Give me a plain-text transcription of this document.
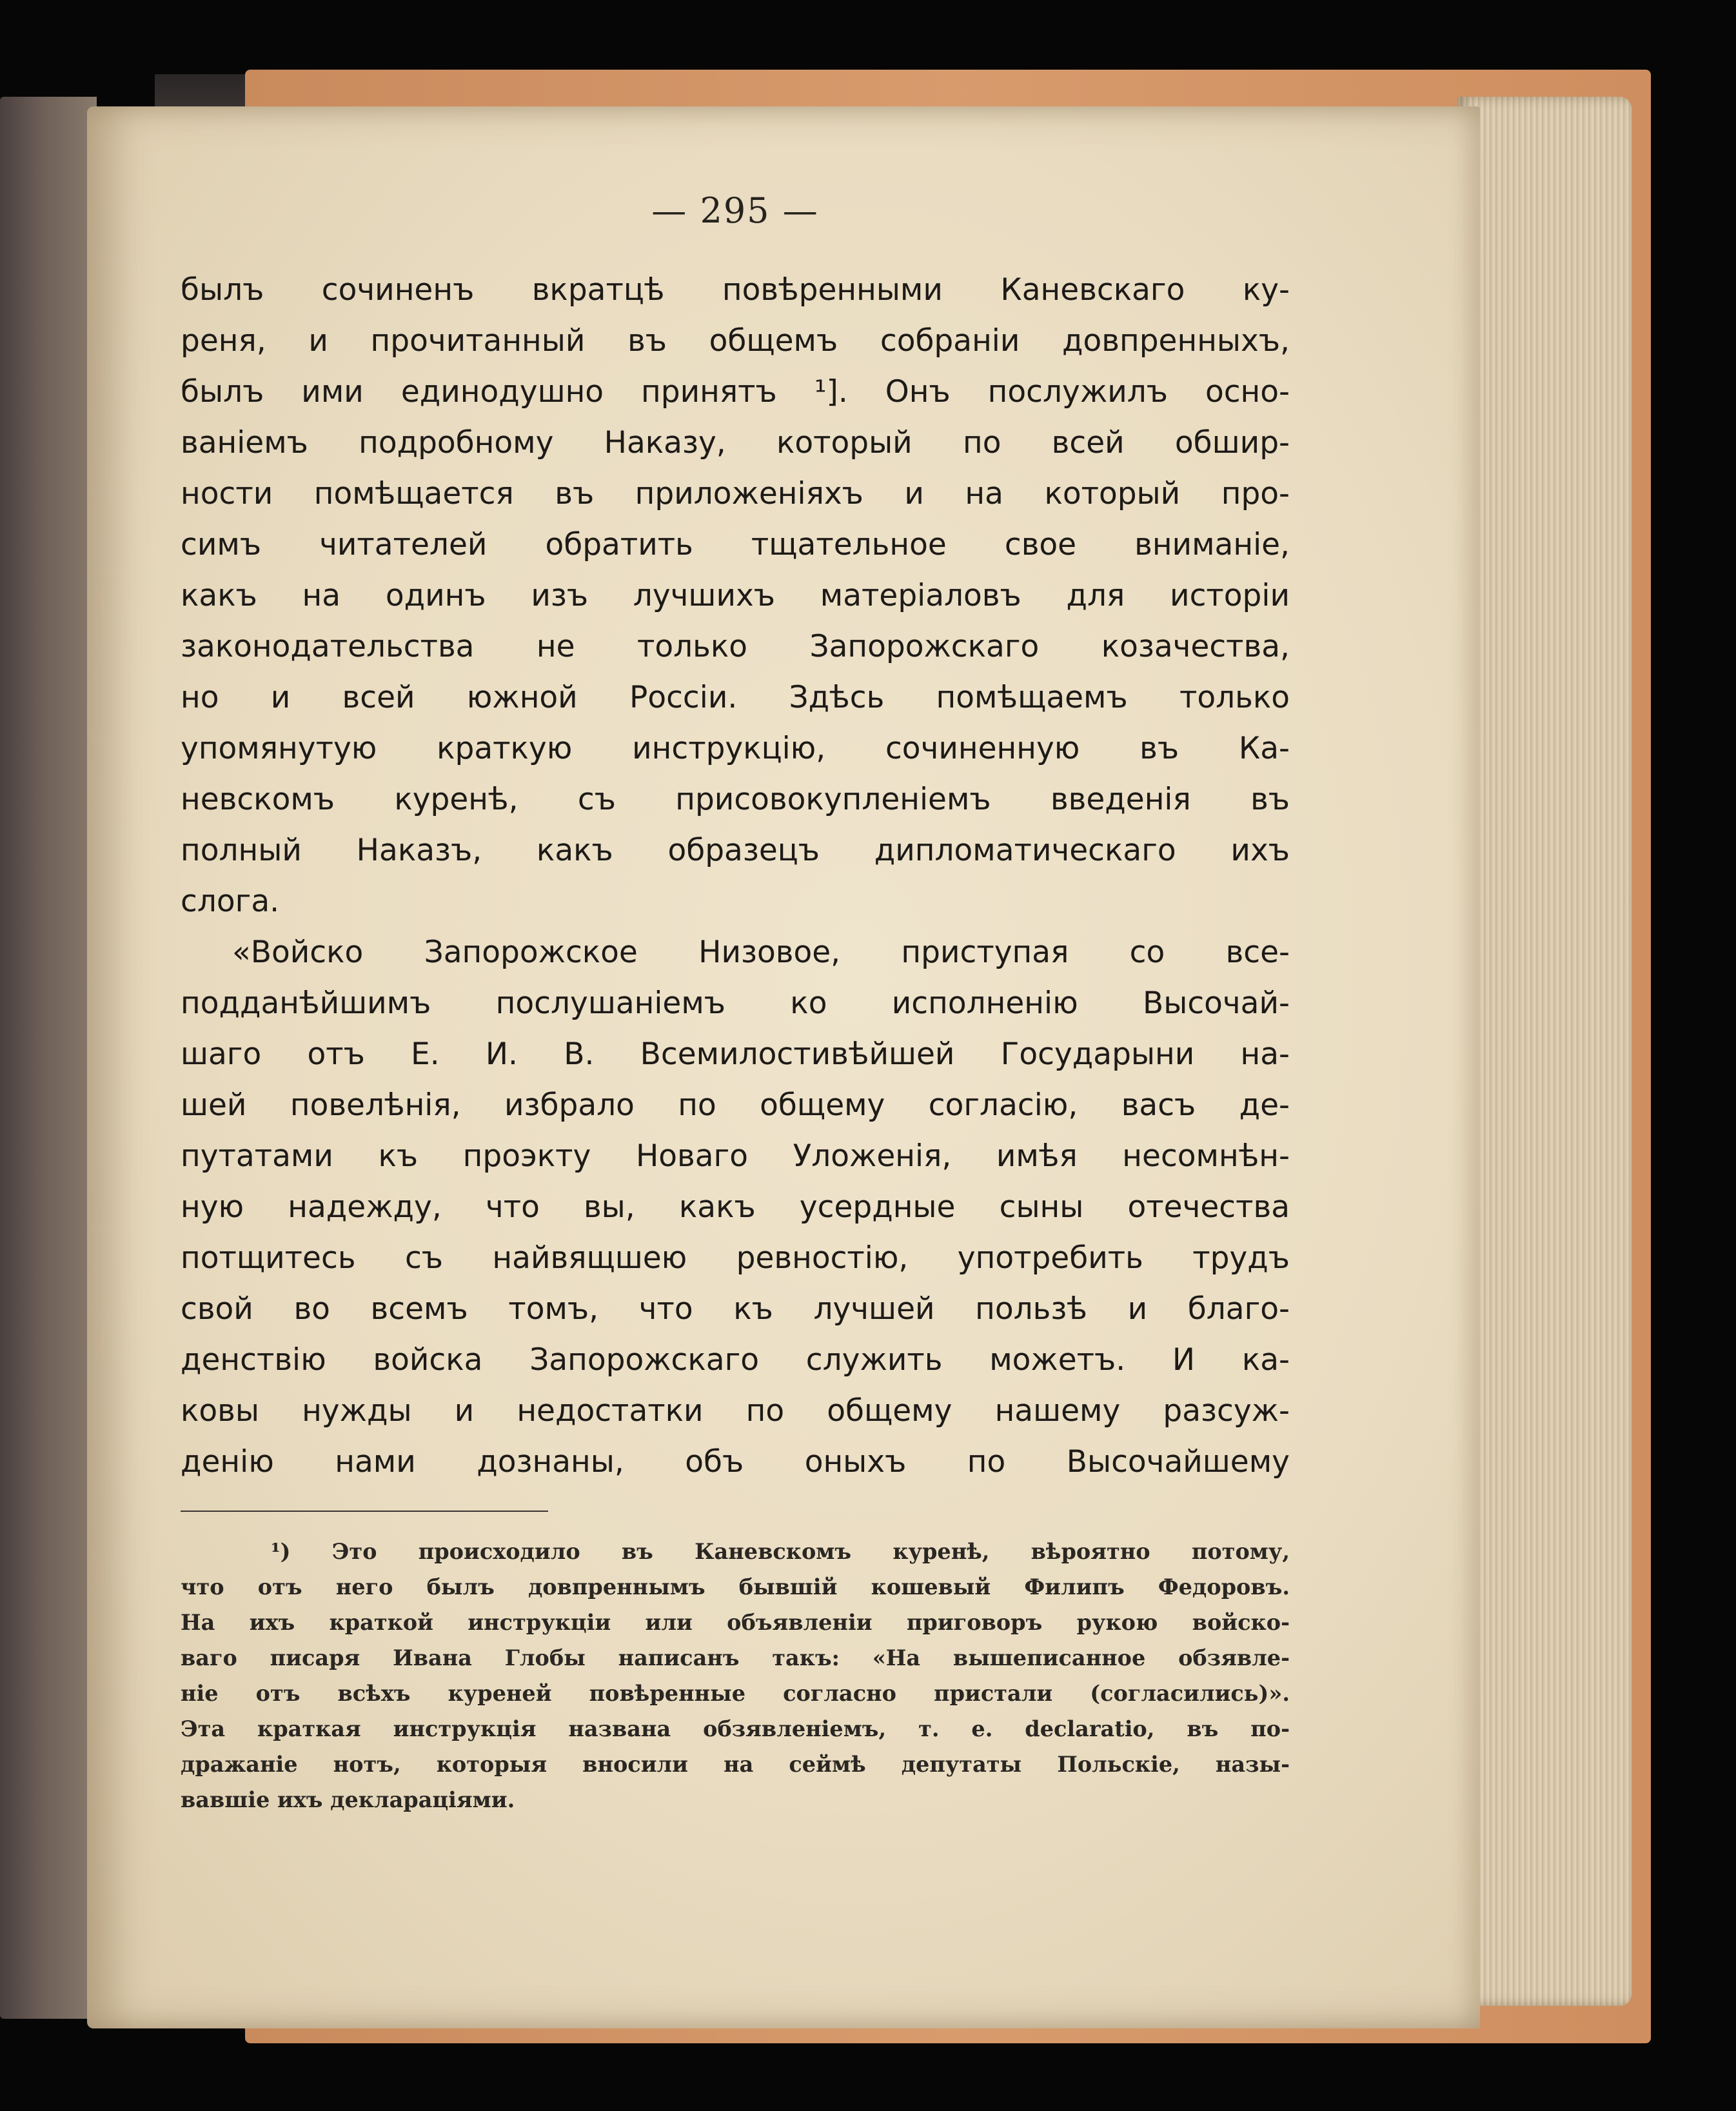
— 295 —
былъ сочиненъ вкратцѣ повѣренными Каневскаго ку-
реня, и прочитанный въ общемъ собраніи довпренныхъ,
былъ ими единодушно принятъ ¹]. Онъ послужилъ осно-
ваніемъ подробному Наказу, который по всей обшир-
ности помѣщается въ приложеніяхъ и на который про-
симъ читателей обратить тщательное свое вниманіе,
какъ на одинъ изъ лучшихъ матеріаловъ для исторіи
законодательства не только Запорожскаго козачества,
но и всей южной Россіи. Здѣсь помѣщаемъ только
упомянутую краткую инструкцію, сочиненную въ Ка-
невскомъ куренѣ, съ присовокупленіемъ введенія въ
полный Наказъ, какъ образецъ дипломатическаго ихъ
слога.
«Войско Запорожское Низовое, приступая со все-
подданѣйшимъ послушаніемъ ко исполненію Высочай-
шаго отъ Е. И. В. Всемилостивѣйшей Государыни на-
шей повелѣнія, избрало по общему согласію, васъ де-
путатами къ проэкту Новаго Уложенія, имѣя несомнѣн-
ную надежду, что вы, какъ усердные сыны отечества
потщитесь съ найвящшею ревностію, употребить трудъ
свой во всемъ томъ, что къ лучшей пользѣ и благо-
денствію войска Запорожскаго служить можетъ. И ка-
ковы нужды и недостатки по общему нашему разсуж-
денію нами дознаны, объ оныхъ по Высочайшему
¹) Это происходило въ Каневскомъ куренѣ, вѣроятно потому,
что отъ него былъ довпреннымъ бывшій кошевый Филипъ Федоровъ.
На ихъ краткой инструкціи или объявленіи приговоръ рукою войско-
ваго писаря Ивана Глобы написанъ такъ: «На вышеписанное обзявле-
ніе отъ всѣхъ куреней повѣренные согласно пристали (согласились)».
Эта краткая инструкція названа обзявленіемъ, т. е. declaratio, въ по-
дражаніе нотъ, которыя вносили на сеймѣ депутаты Польскіе, назы-
вавшіе ихъ декларацiями.
